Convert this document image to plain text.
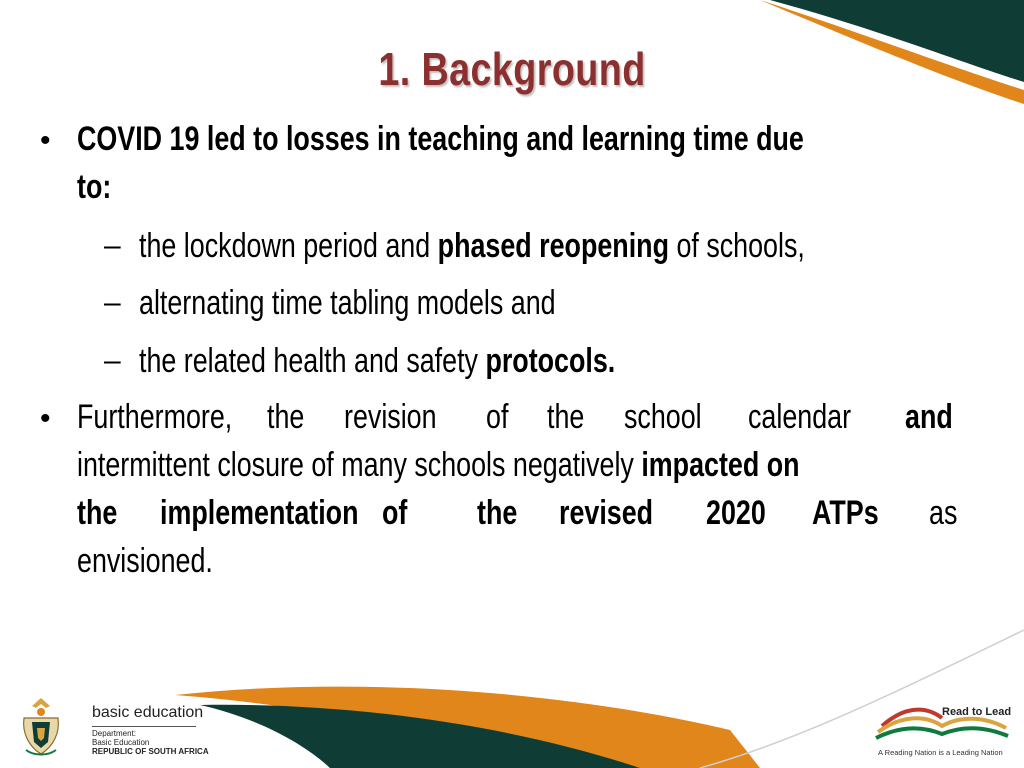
1. Background
• COVID 19 led to losses in teaching and learning time due
to:
– the lockdown period and phased reopening of schools,
– alternating time tabling models and
– the related health and safety protocols.
• Furthermore, the revision of the school calendar and
intermittent closure of many schools negatively impacted on
the implementation of	the revised 2020 ATPs as
envisioned.
basic education
Department:
Basic Education
REPUBLIC OF SOUTH AFRICA
Read to Lead
A Reading Nation is a Leading Nation
